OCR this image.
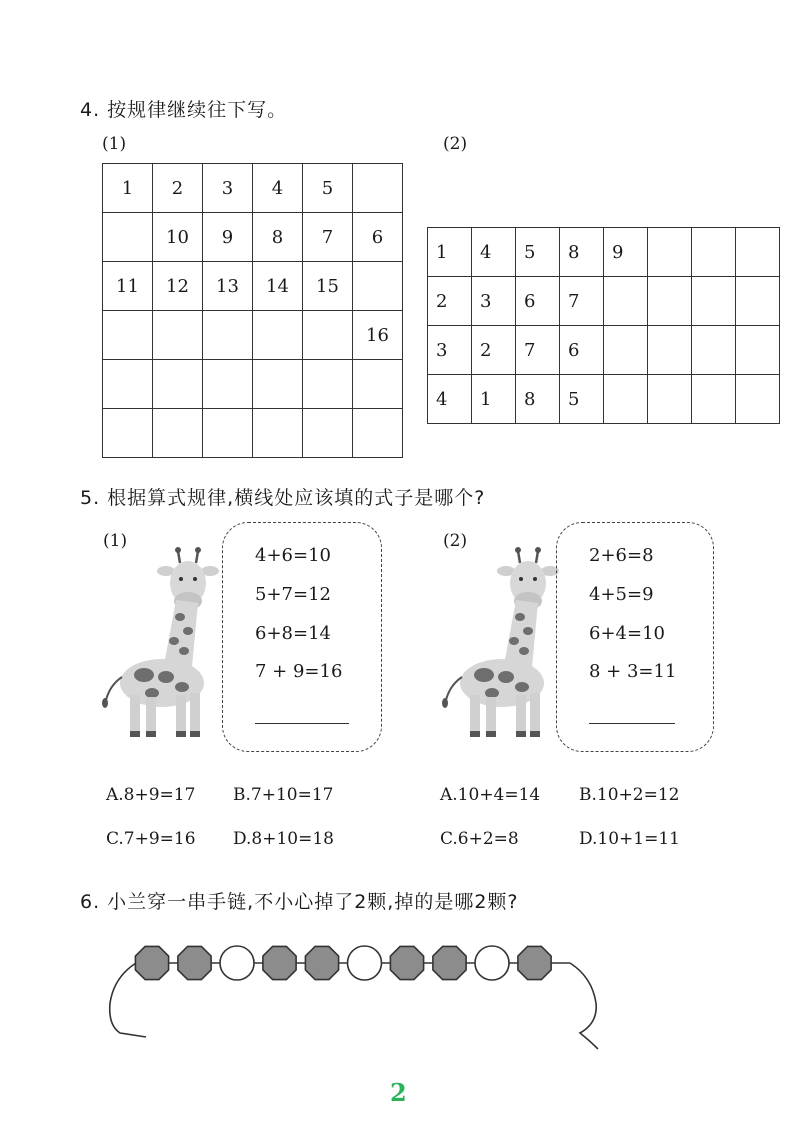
4. 按规律继续往下写。
(1)	(2)
1	2	3	4	5	
	10	9	8	7	6
11	12	13	14	15	
					16

1	4	5	8	9			
2	3	6	7				
3	2	7	6				
4	1	8	5				
5. 根据算式规律,横线处应该填的式子是哪个?
(1)	(2)
4+6=10
5+7=12
6+8=14
7 + 9=16
2+6=8
4+5=9
6+4=10
8 + 3=11
A.8+9=17 B.7+10=17
C.7+9=16 D.8+10=18
A.10+4=14 B.10+2=12
C.6+2=8	D.10+1=11
6. 小兰穿一串手链,不小心掉了2颗,掉的是哪2颗?
2
